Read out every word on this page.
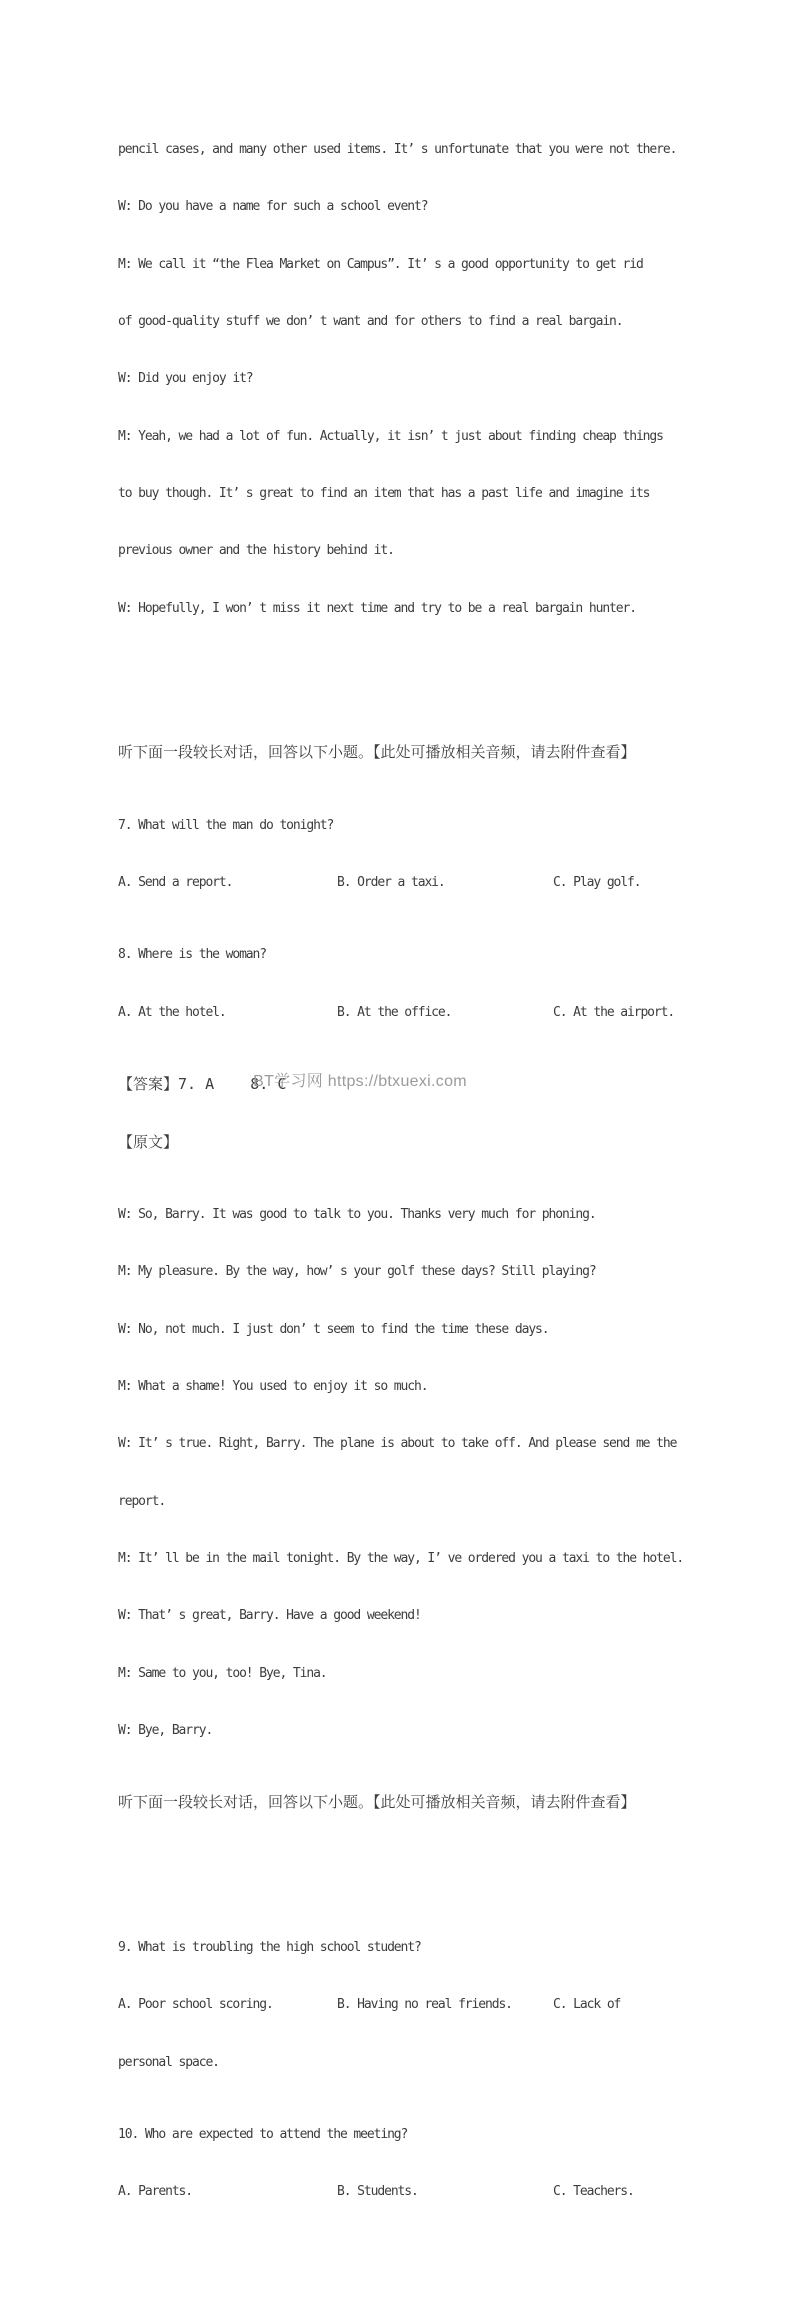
pencil cases, and many other used items. It’ s unfortunate that you were not there.

W: Do you have a name for such a school event?

M: We call it “the Flea Market on Campus”. It’ s a good opportunity to get rid

of good-quality stuff we don’ t want and for others to find a real bargain.

W: Did you enjoy it?

M: Yeah, we had a lot of fun. Actually, it isn’ t just about finding cheap things

to buy though. It’ s great to find an item that has a past life and imagine its

previous owner and the history behind it.

W: Hopefully, I won’ t miss it next time and try to be a real bargain hunter.

听下面一段较长对话，回答以下小题。【此处可播放相关音频，请去附件查看】

7. What will the man do tonight?

A. Send a report.

	B. Order a taxi.

	C. Play golf.

8. Where is the woman?

A. At the hotel.

	B. At the office.

	C. At the airport.

【答案】7. A    8. C

【原文】

W: So, Barry. It was good to talk to you. Thanks very much for phoning.

M: My pleasure. By the way, how’ s your golf these days? Still playing?

W: No, not much. I just don’ t seem to find the time these days.

M: What a shame! You used to enjoy it so much.

W: It’ s true. Right, Barry. The plane is about to take off. And please send me the

report.

M: It’ ll be in the mail tonight. By the way, I’ ve ordered you a taxi to the hotel.

W: That’ s great, Barry. Have a good weekend!

M: Same to you, too! Bye, Tina.

W: Bye, Barry.

听下面一段较长对话，回答以下小题。【此处可播放相关音频，请去附件查看】

9. What is troubling the high school student?

A. Poor school scoring.

	B. Having no real friends.

	C. Lack of

personal space.

10. Who are expected to attend the meeting?

A. Parents.

	B. Students.

	C. Teachers.

BT学习网 https://btxuexi.com
